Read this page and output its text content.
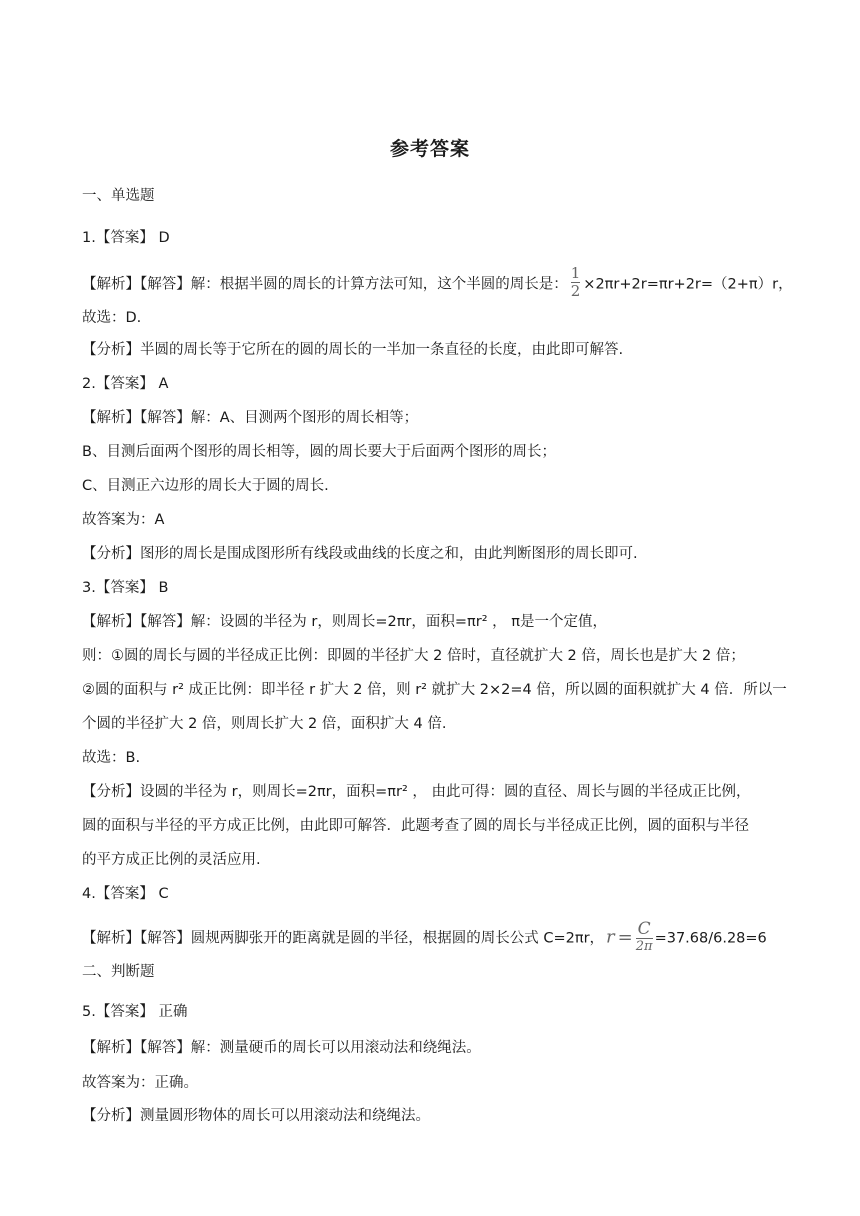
参考答案
一、单选题
1.【答案】 D
【解析】【解答】解：根据半圆的周长的计算方法可知，这个半圆的周长是： $\frac{1}{2} \times 2\pi r+2r=\pi r+2r=(2+\pi)r$，
故选：D.
【分析】半圆的周长等于它所在的圆的周长的一半加一条直径的长度，由此即可解答.
2.【答案】 A
【解析】【解答】解：A、目测两个图形的周长相等；
B、目测后面两个图形的周长相等，圆的周长要大于后面两个图形的周长；
C、目测正六边形的周长大于圆的周长.
故答案为：A
【分析】图形的周长是围成图形所有线段或曲线的长度之和，由此判断图形的周长即可.
3.【答案】 B
【解析】【解答】解：设圆的半径为 r，则周长=2πr，面积=πr² ， π是一个定值，
则：①圆的周长与圆的半径成正比例：即圆的半径扩大 2 倍时，直径就扩大 2 倍，周长也是扩大 2 倍；
②圆的面积与 r² 成正比例：即半径 r 扩大 2 倍，则 r² 就扩大 2×2=4 倍，所以圆的面积就扩大 4 倍．所以一
个圆的半径扩大 2 倍，则周长扩大 2 倍，面积扩大 4 倍.
故选：B.
【分析】设圆的半径为 r，则周长=2πr，面积=πr² ， 由此可得：圆的直径、周长与圆的半径成正比例，
圆的面积与半径的平方成正比例，由此即可解答．此题考查了圆的周长与半径成正比例，圆的面积与半径
的平方成正比例的灵活应用.
4.【答案】 C
【解析】【解答】圆规两脚张开的距离就是圆的半径，根据圆的周长公式 C=2πr， r = C
2π =37.68/6.28=6
二、判断题
5.【答案】 正确
【解析】【解答】解：测量硬币的周长可以用滚动法和绕绳法。
故答案为：正确。
【分析】测量圆形物体的周长可以用滚动法和绕绳法。
